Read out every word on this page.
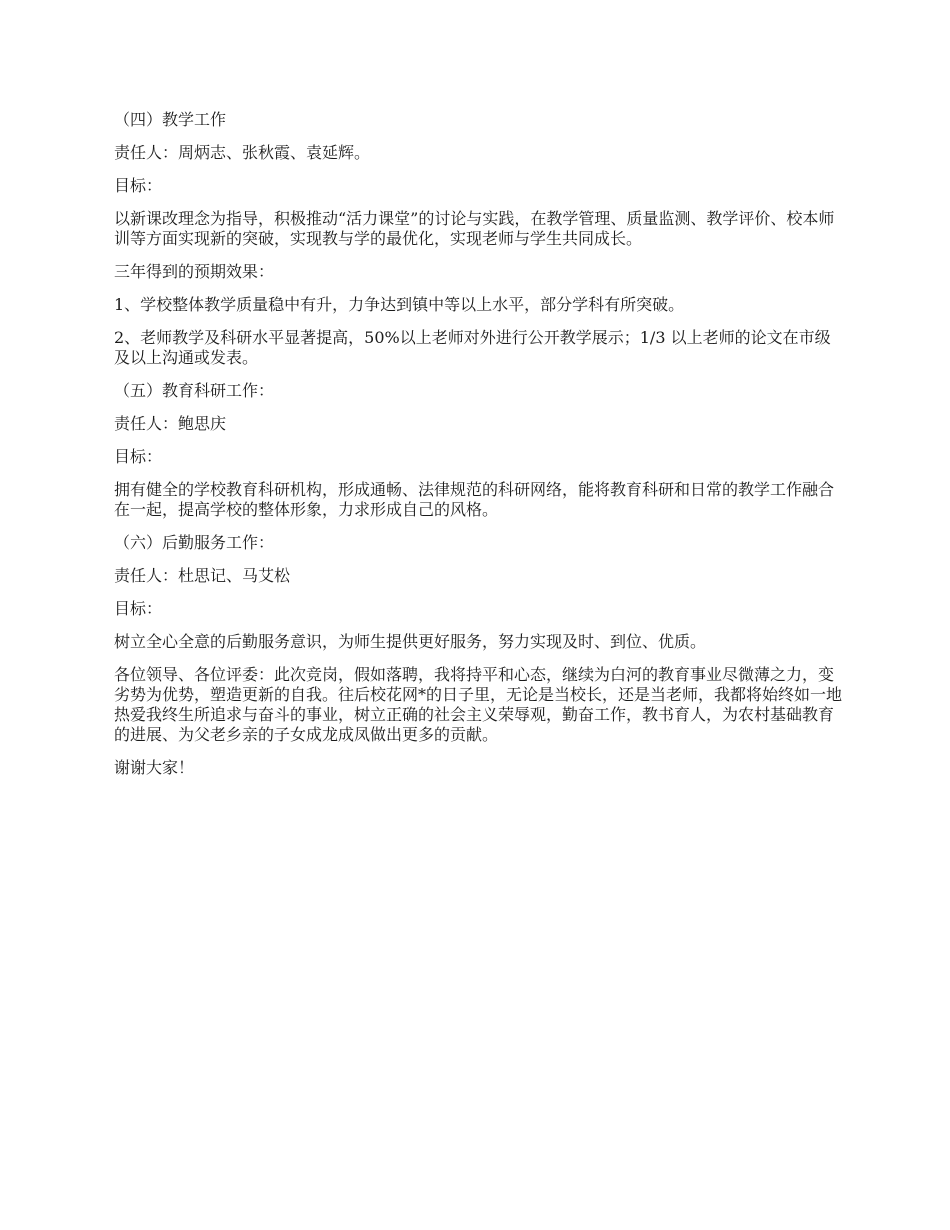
（四）教学工作

责任人：周炳志、张秋霞、袁延辉。

目标：

以新课改理念为指导，积极推动“活力课堂”的讨论与实践，在教学管理、质量监测、教学评价、校本师训等方面实现新的突破，实现教与学的最优化，实现老师与学生共同成长。

三年得到的预期效果：

1、学校整体教学质量稳中有升，力争达到镇中等以上水平，部分学科有所突破。

2、老师教学及科研水平显著提高，50%以上老师对外进行公开教学展示；1/3 以上老师的论文在市级及以上沟通或发表。

（五）教育科研工作：

责任人：鲍思庆

目标：

拥有健全的学校教育科研机构，形成通畅、法律规范的科研网络，能将教育科研和日常的教学工作融合在一起，提高学校的整体形象，力求形成自己的风格。

（六）后勤服务工作：

责任人：杜思记、马艾松

目标：

树立全心全意的后勤服务意识，为师生提供更好服务，努力实现及时、到位、优质。

各位领导、各位评委：此次竞岗，假如落聘，我将持平和心态，继续为白河的教育事业尽微薄之力，变劣势为优势，塑造更新的自我。往后校花网*的日子里，无论是当校长，还是当老师，我都将始终如一地热爱我终生所追求与奋斗的事业，树立正确的社会主义荣辱观，勤奋工作，教书育人，为农村基础教育的进展、为父老乡亲的子女成龙成凤做出更多的贡献。

谢谢大家！
